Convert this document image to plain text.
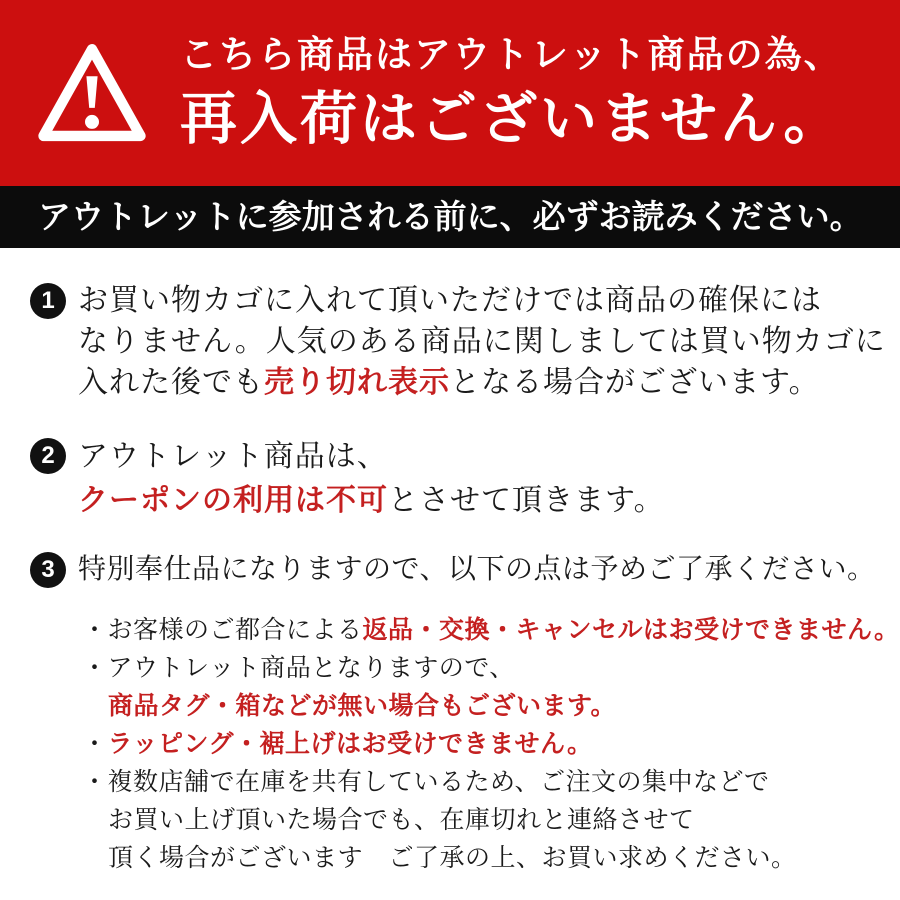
こちら商品はアウトレット商品の為、
再入荷はございません。
アウトレットに参加される前に、必ずお読みください。
1 お買い物カゴに入れて頂いただけでは商品の確保には
なりません。人気のある商品に関しましては買い物カゴに
入れた後でも売り切れ表示となる場合がございます。
2 アウトレット商品は、
クーポンの利用は不可とさせて頂きます。
3 特別奉仕品になりますので、以下の点は予めご了承ください。
・お客様のご都合による返品・交換・キャンセルはお受けできません。
・アウトレット商品となりますので、
商品タグ・箱などが無い場合もございます。
・ラッピング・裾上げはお受けできません。
・複数店舗で在庫を共有しているため、ご注文の集中などで
お買い上げ頂いた場合でも、在庫切れと連絡させて
頂く場合がございます　ご了承の上、お買い求めください。
